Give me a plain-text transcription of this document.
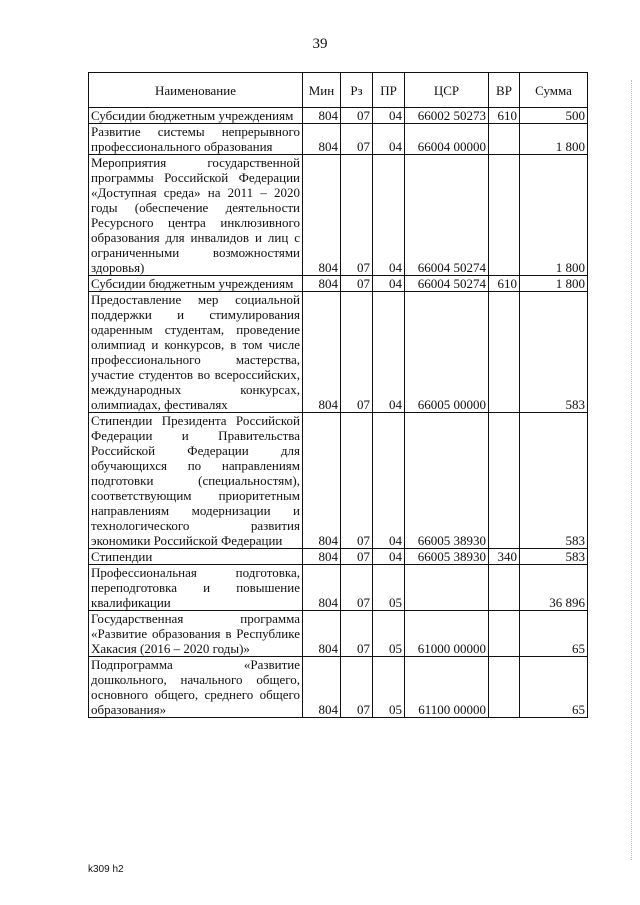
39
Наименование	Мин	Рз	ПР	ЦСР	ВР	Сумма
Субсидии бюджетным учреждениям	804	07	04	66002 50273	610	500
Развитие системы непрерывного профессионального образования	804	07	04	66004 00000		1 800
Мероприятия государственной программы Российской Федерации «Доступная среда» на 2011 – 2020 годы (обеспечение деятельности Ресурсного центра инклюзивного образования для инвалидов и лиц с ограниченными возможностями здоровья)	804	07	04	66004 50274		1 800
Субсидии бюджетным учреждениям	804	07	04	66004 50274	610	1 800
Предоставление мер социальной поддержки и стимулирования одаренным студентам, проведение олимпиад и конкурсов, в том числе профессионального мастерства, участие студентов во всероссийских, международных конкурсах, олимпиадах, фестивалях	804	07	04	66005 00000		583
Стипендии Президента Российской Федерации и Правительства Российской Федерации для обучающихся по направлениям подготовки (специальностям), соответствующим приоритетным направлениям модернизации и технологического развития экономики Российской Федерации	804	07	04	66005 38930		583
Стипендии	804	07	04	66005 38930	340	583
Профессиональная подготовка, переподготовка и повышение квалификации	804	07	05			36 896
Государственная программа «Развитие образования в Республике Хакасия (2016 – 2020 годы)»	804	07	05	61000 00000		65
Подпрограмма «Развитие дошкольного, начального общего, основного общего, среднего общего образования»	804	07	05	61100 00000		65
k309 h2
